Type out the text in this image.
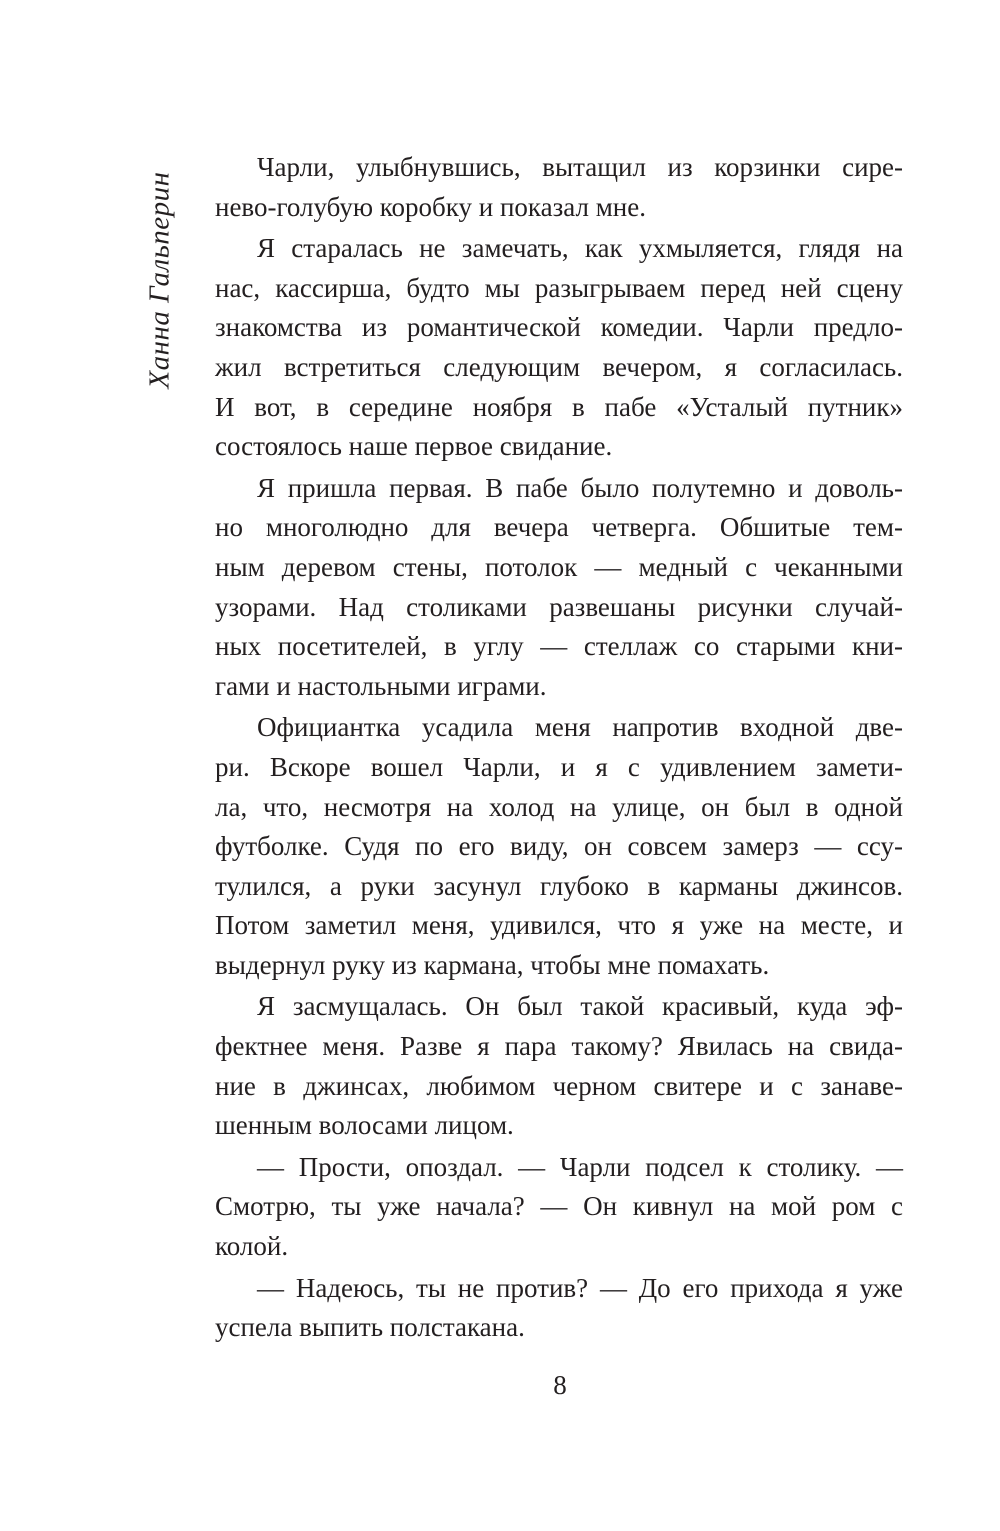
Ханна Гальперин
Чарли, улыбнувшись, вытащил из корзинки сире-
нево-голубую коробку и показал мне.
Я старалась не замечать, как ухмыляется, глядя на
нас, кассирша, будто мы разыгрываем перед ней сцену
знакомства из романтической комедии. Чарли предло-
жил встретиться следующим вечером, я согласилась.
И вот, в середине ноября в пабе «Усталый путник»
состоялось наше первое свидание.
Я пришла первая. В пабе было полутемно и доволь-
но многолюдно для вечера четверга. Обшитые тем-
ным деревом стены, потолок — медный с чеканными
узорами. Над столиками развешаны рисунки случай-
ных посетителей, в углу — стеллаж со старыми кни-
гами и настольными играми.
Официантка усадила меня напротив входной две-
ри. Вскоре вошел Чарли, и я с удивлением замети-
ла, что, несмотря на холод на улице, он был в одной
футболке. Судя по его виду, он совсем замерз — ссу-
тулился, а руки засунул глубоко в карманы джинсов.
Потом заметил меня, удивился, что я уже на месте, и
выдернул руку из кармана, чтобы мне помахать.
Я засмущалась. Он был такой красивый, куда эф-
фектнее меня. Разве я пара такому? Явилась на свида-
ние в джинсах, любимом черном свитере и с занаве-
шенным волосами лицом.
— Прости, опоздал. — Чарли подсел к столику. —
Смотрю, ты уже начала? — Он кивнул на мой ром с
колой.
— Надеюсь, ты не против? — До его прихода я уже
успела выпить полстакана.
8
